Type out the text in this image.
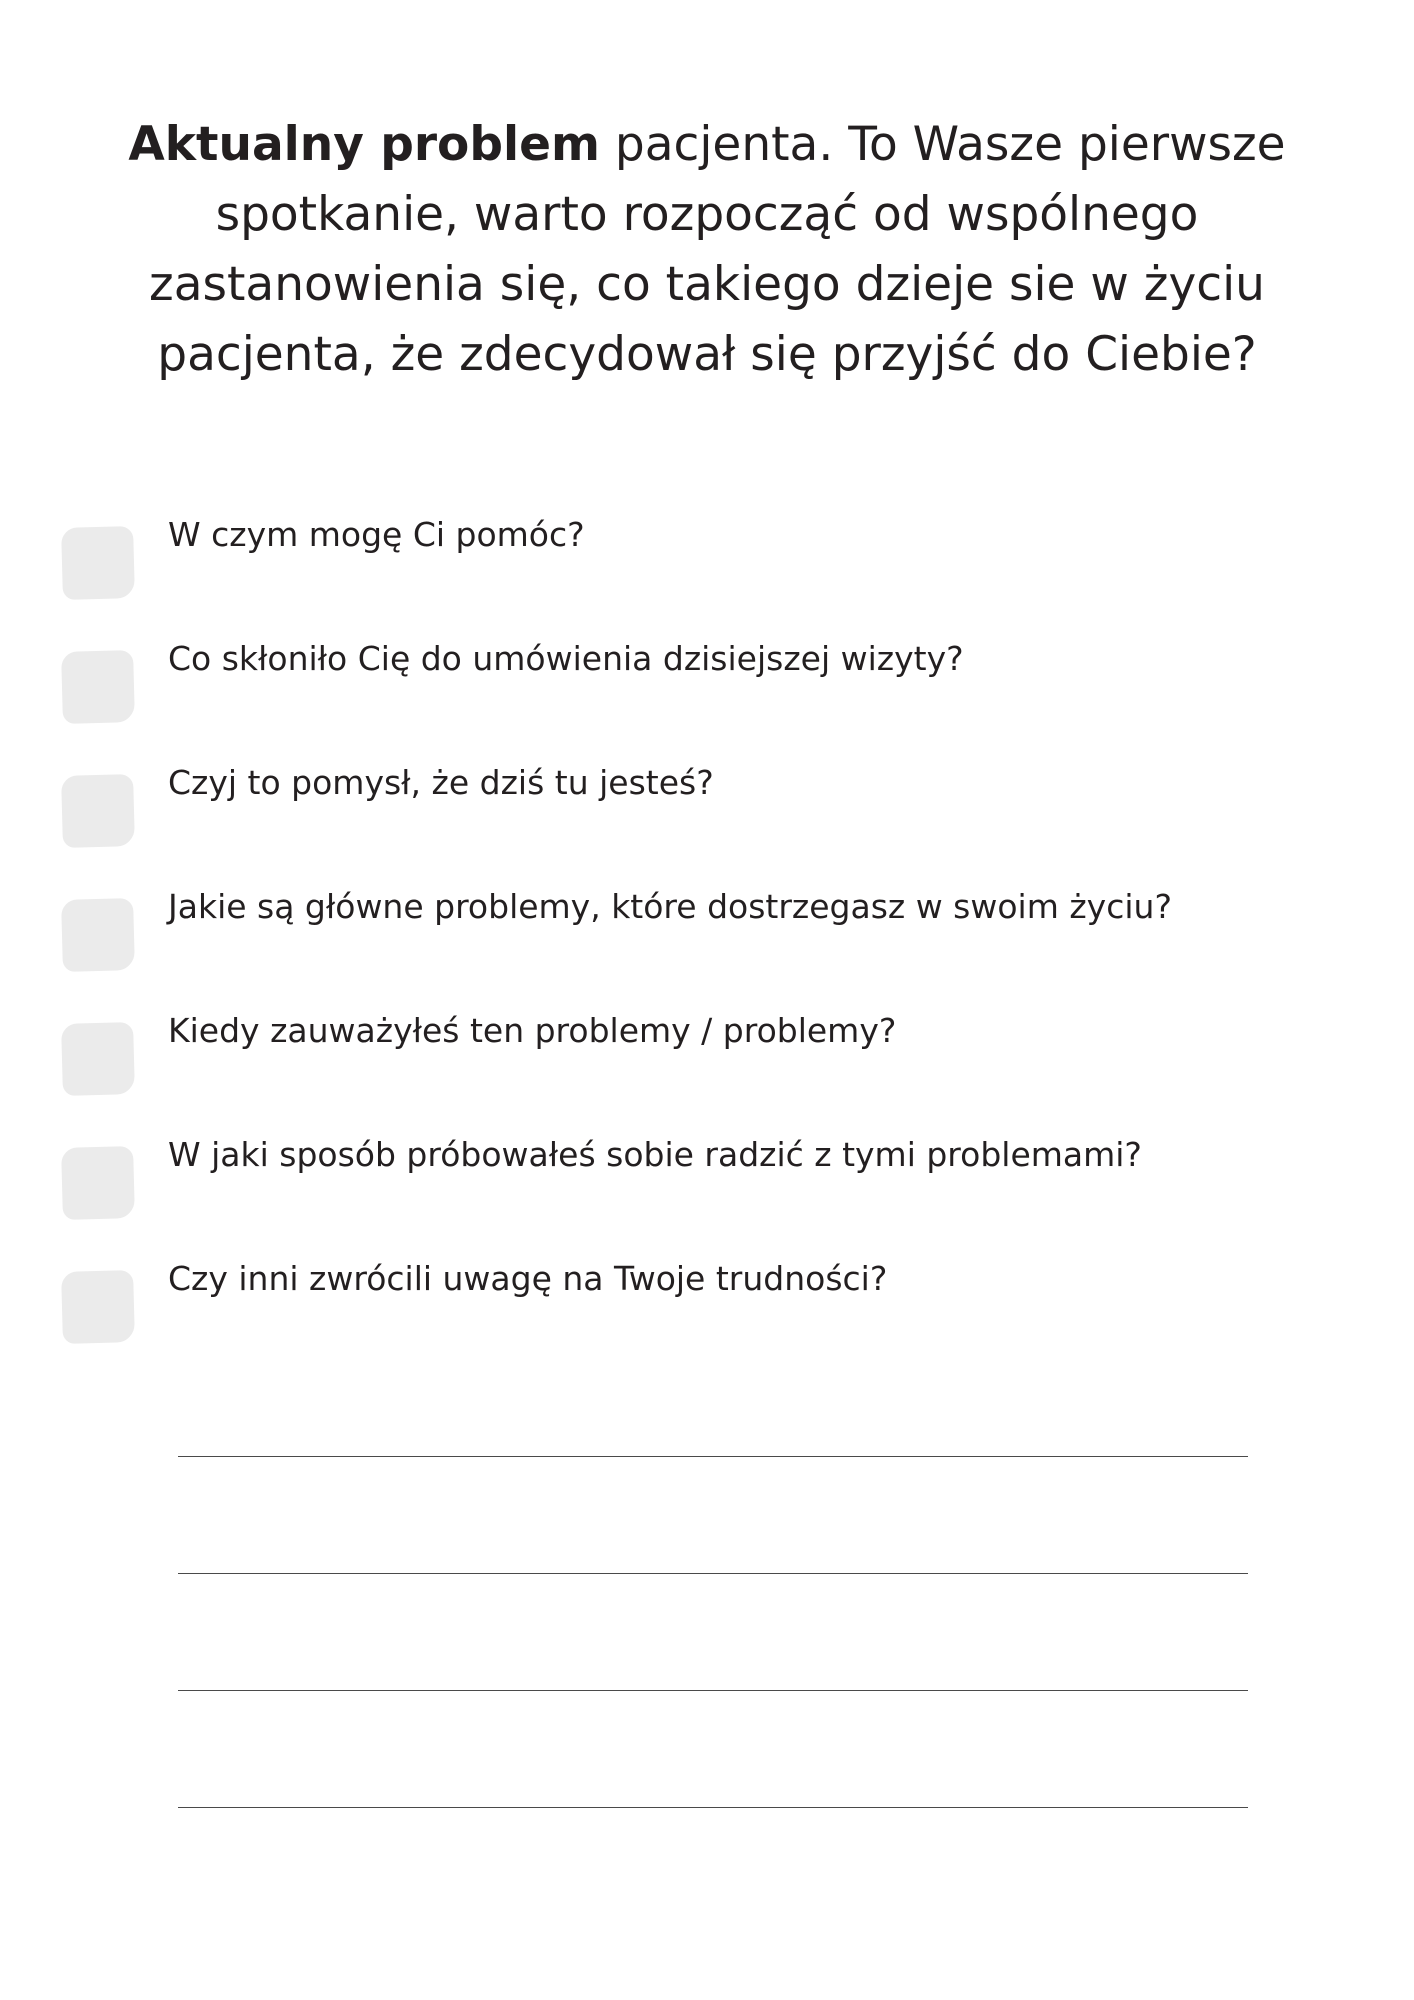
Aktualny problem pacjenta. To Wasze pierwsze spotkanie, warto rozpocząć od wspólnego zastanowienia się, co takiego dzieje sie w życiu pacjenta, że zdecydował się przyjść do Ciebie?
W czym mogę Ci pomóc?
Co skłoniło Cię do umówienia dzisiejszej wizyty?
Czyj to pomysł, że dziś tu jesteś?
Jakie są główne problemy, które dostrzegasz w swoim życiu?
Kiedy zauważyłeś ten problemy / problemy?
W jaki sposób próbowałeś sobie radzić z tymi problemami?
Czy inni zwrócili uwagę na Twoje trudności?
